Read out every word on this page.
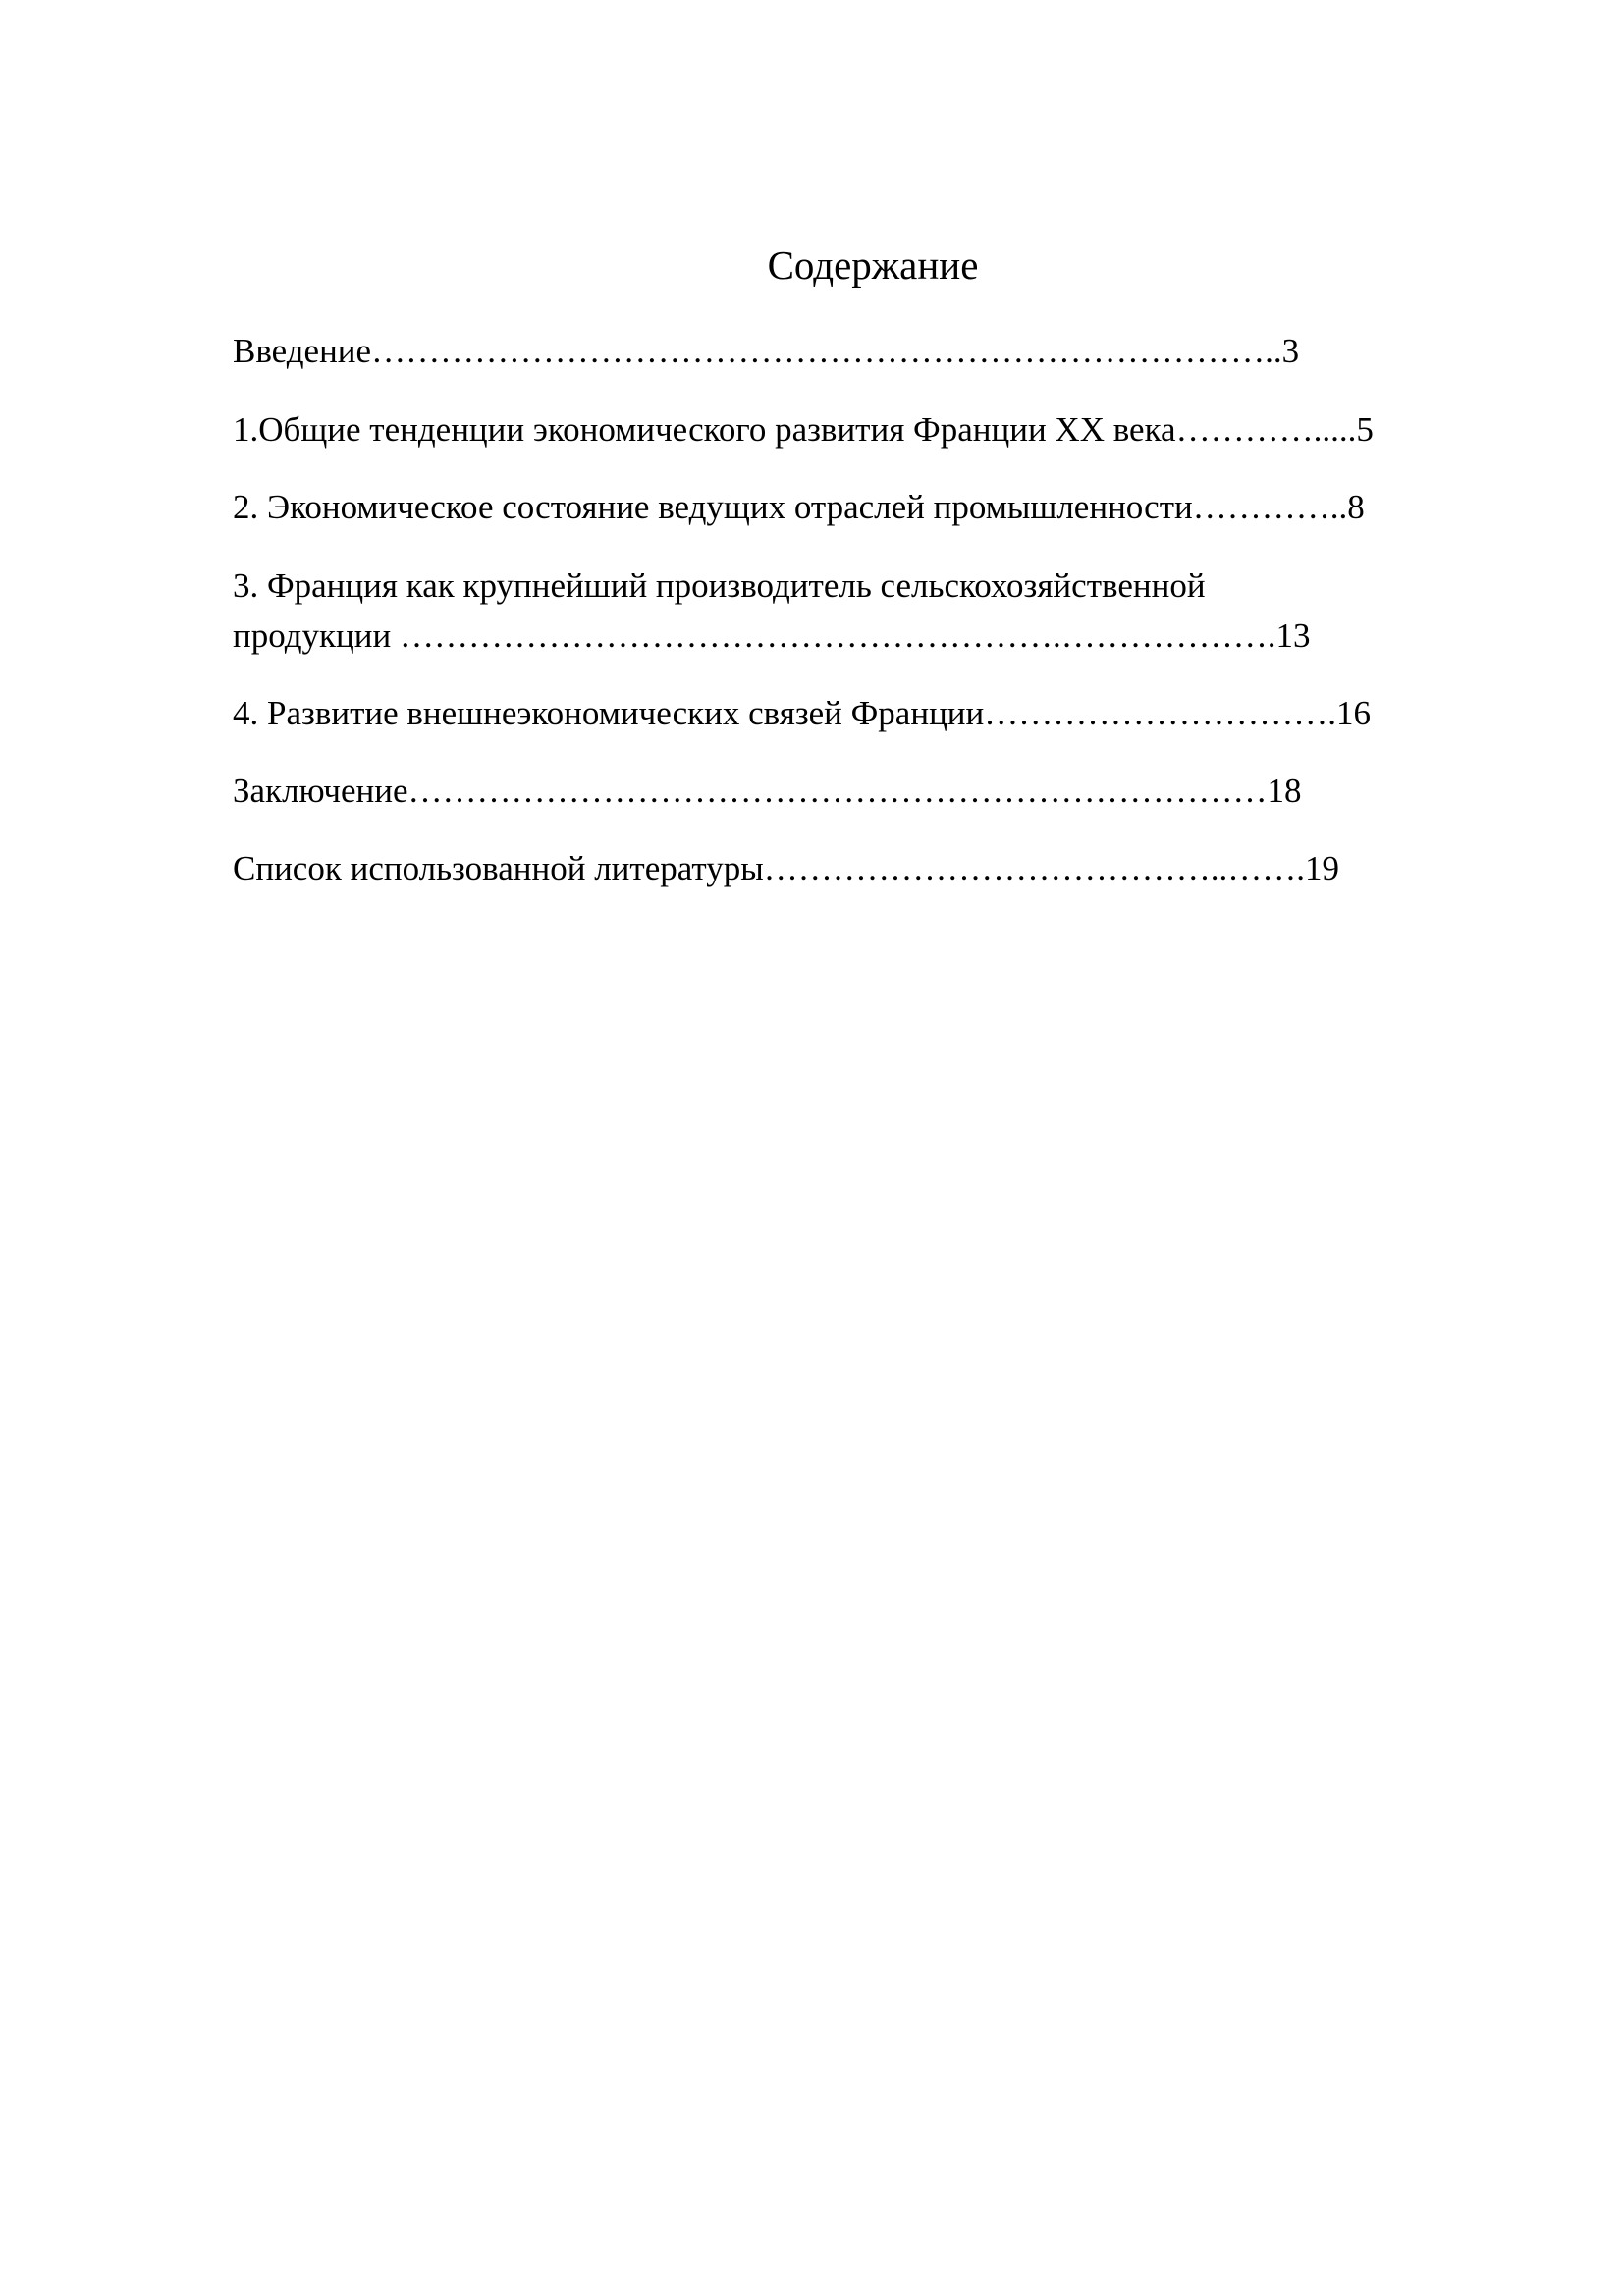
Содержание
Введение……………………………………………………………………..3
1.Общие тенденции экономического развития Франции XX века………….....5
2. Экономическое состояние ведущих отраслей промышленности…………..8
3. Франция как крупнейший производитель сельскохозяйственной
продукции ………………………………………………….……………….13
4. Развитие внешнеэкономических связей Франции………………………….16
Заключение…………………………………………………………………18
Список использованной литературы…………………………………..…….19
